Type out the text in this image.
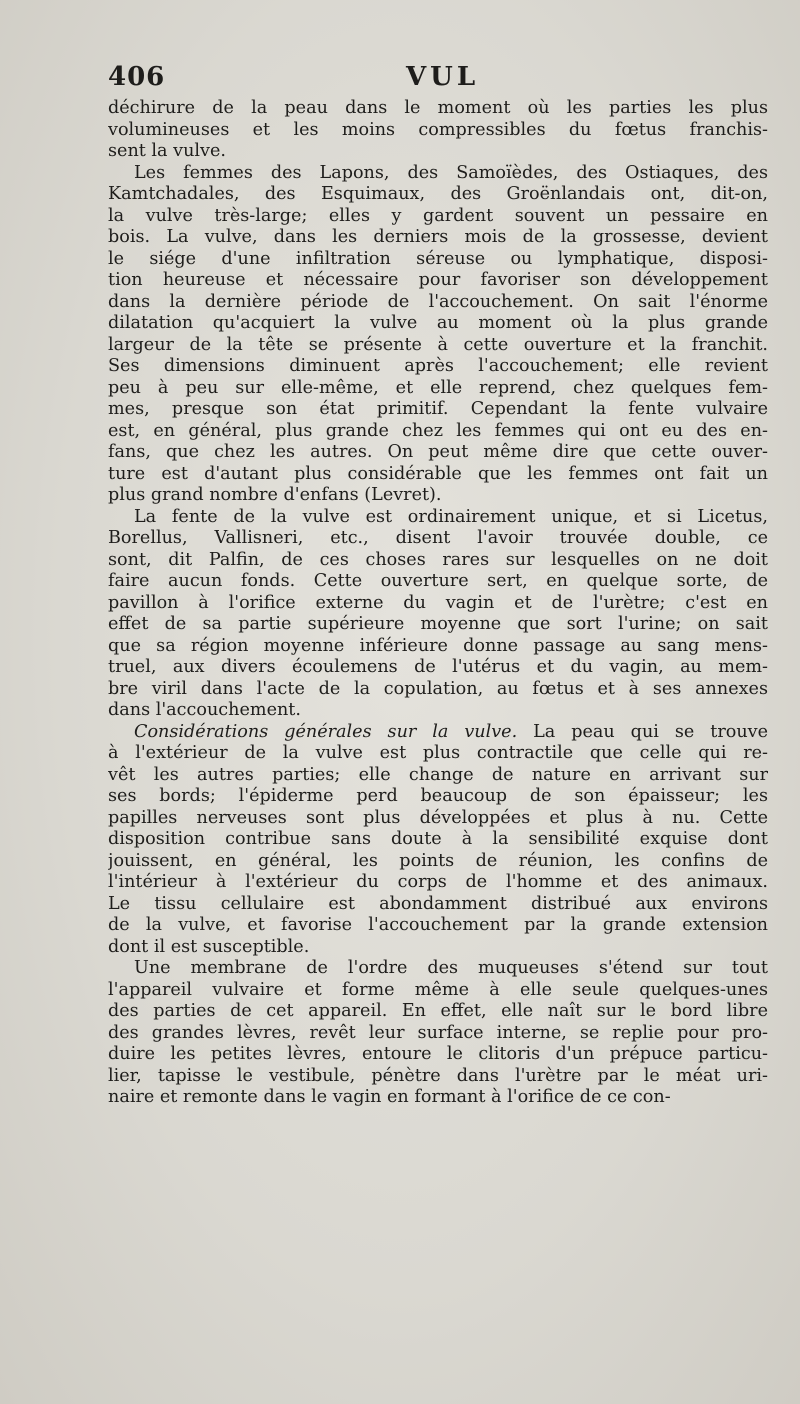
406	VUL
déchirure de la peau dans le moment où les parties les plus
volumineuses et les moins compressibles du fœtus franchis-
sent la vulve.
Les femmes des Lapons, des Samoïèdes, des Ostiaques, des
Kamtchadales, des Esquimaux, des Groënlandais ont, dit-on,
la vulve très-large; elles y gardent souvent un pessaire en
bois. La vulve, dans les derniers mois de la grossesse, devient
le siége d'une infiltration séreuse ou lymphatique, disposi-
tion heureuse et nécessaire pour favoriser son développement
dans la dernière période de l'accouchement. On sait l'énorme
dilatation qu'acquiert la vulve au moment où la plus grande
largeur de la tête se présente à cette ouverture et la franchit.
Ses dimensions diminuent après l'accouchement; elle revient
peu à peu sur elle-même, et elle reprend, chez quelques fem-
mes, presque son état primitif. Cependant la fente vulvaire
est, en général, plus grande chez les femmes qui ont eu des en-
fans, que chez les autres. On peut même dire que cette ouver-
ture est d'autant plus considérable que les femmes ont fait un
plus grand nombre d'enfans (Levret).
La fente de la vulve est ordinairement unique, et si Licetus,
Borellus, Vallisneri, etc., disent l'avoir trouvée double, ce
sont, dit Palfin, de ces choses rares sur lesquelles on ne doit
faire aucun fonds. Cette ouverture sert, en quelque sorte, de
pavillon à l'orifice externe du vagin et de l'urètre; c'est en
effet de sa partie supérieure moyenne que sort l'urine; on sait
que sa région moyenne inférieure donne passage au sang mens-
truel, aux divers écoulemens de l'utérus et du vagin, au mem-
bre viril dans l'acte de la copulation, au fœtus et à ses annexes
dans l'accouchement.
Considérations générales sur la vulve. La peau qui se trouve
à l'extérieur de la vulve est plus contractile que celle qui re-
vêt les autres parties; elle change de nature en arrivant sur
ses bords; l'épiderme perd beaucoup de son épaisseur; les
papilles nerveuses sont plus développées et plus à nu. Cette
disposition contribue sans doute à la sensibilité exquise dont
jouissent, en général, les points de réunion, les confins de
l'intérieur à l'extérieur du corps de l'homme et des animaux.
Le tissu cellulaire est abondamment distribué aux environs
de la vulve, et favorise l'accouchement par la grande extension
dont il est susceptible.
Une membrane de l'ordre des muqueuses s'étend sur tout
l'appareil vulvaire et forme même à elle seule quelques-unes
des parties de cet appareil. En effet, elle naît sur le bord libre
des grandes lèvres, revêt leur surface interne, se replie pour pro-
duire les petites lèvres, entoure le clitoris d'un prépuce particu-
lier, tapisse le vestibule, pénètre dans l'urètre par le méat uri-
naire et remonte dans le vagin en formant à l'orifice de ce con-
